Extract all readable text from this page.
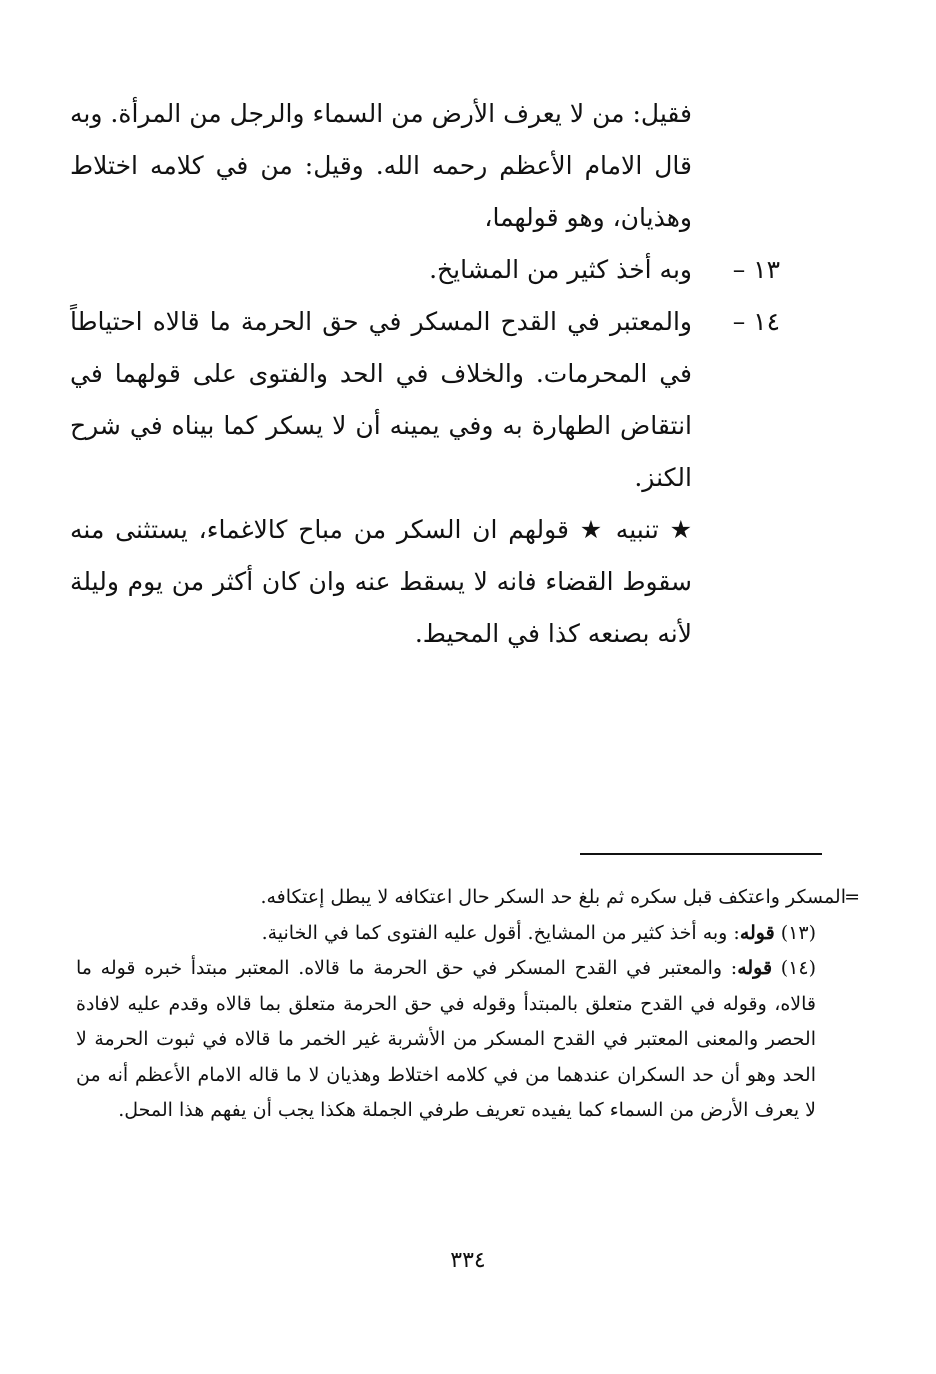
فقيل: من لا يعرف الأرض من السماء والرجل من المرأة. وبه قال الامام الأعظم رحمه الله. وقيل: من في كلامه اختلاط وهذيان، وهو قولهما،

١٣ –
وبه أخذ كثير من المشايخ.
١٤ –
والمعتبر في القدح المسكر في حق الحرمة ما قالاه احتياطاً في المحرمات. والخلاف في الحد والفتوى على قولهما في انتقاض الطهارة به وفي يمينه أن لا يسكر كما بيناه في شرح الكنز.

★ تنبيه ★ قولهم ان السكر من مباح كالاغماء، يستثنى منه سقوط القضاء فانه لا يسقط عنه وان كان أكثر من يوم وليلة لأنه بصنعه كذا في المحيط.

=
المسكر واعتكف قبل سكره ثم بلغ حد السكر حال اعتكافه لا يبطل إعتكافه.

(١٣) قوله: وبه أخذ كثير من المشايخ. أقول عليه الفتوى كما في الخانية.

(١٤) قوله: والمعتبر في القدح المسكر في حق الحرمة ما قالاه. المعتبر مبتدأ خبره قوله ما قالاه، وقوله في القدح متعلق بالمبتدأ وقوله في حق الحرمة متعلق بما قالاه وقدم عليه لافادة الحصر والمعنى المعتبر في القدح المسكر من الأشربة غير الخمر ما قالاه في ثبوت الحرمة لا الحد وهو أن حد السكران عندهما من في كلامه اختلاط وهذيان لا ما قاله الامام الأعظم أنه من لا يعرف الأرض من السماء كما يفيده تعريف طرفي الجملة هكذا يجب أن يفهم هذا المحل.

٣٣٤
